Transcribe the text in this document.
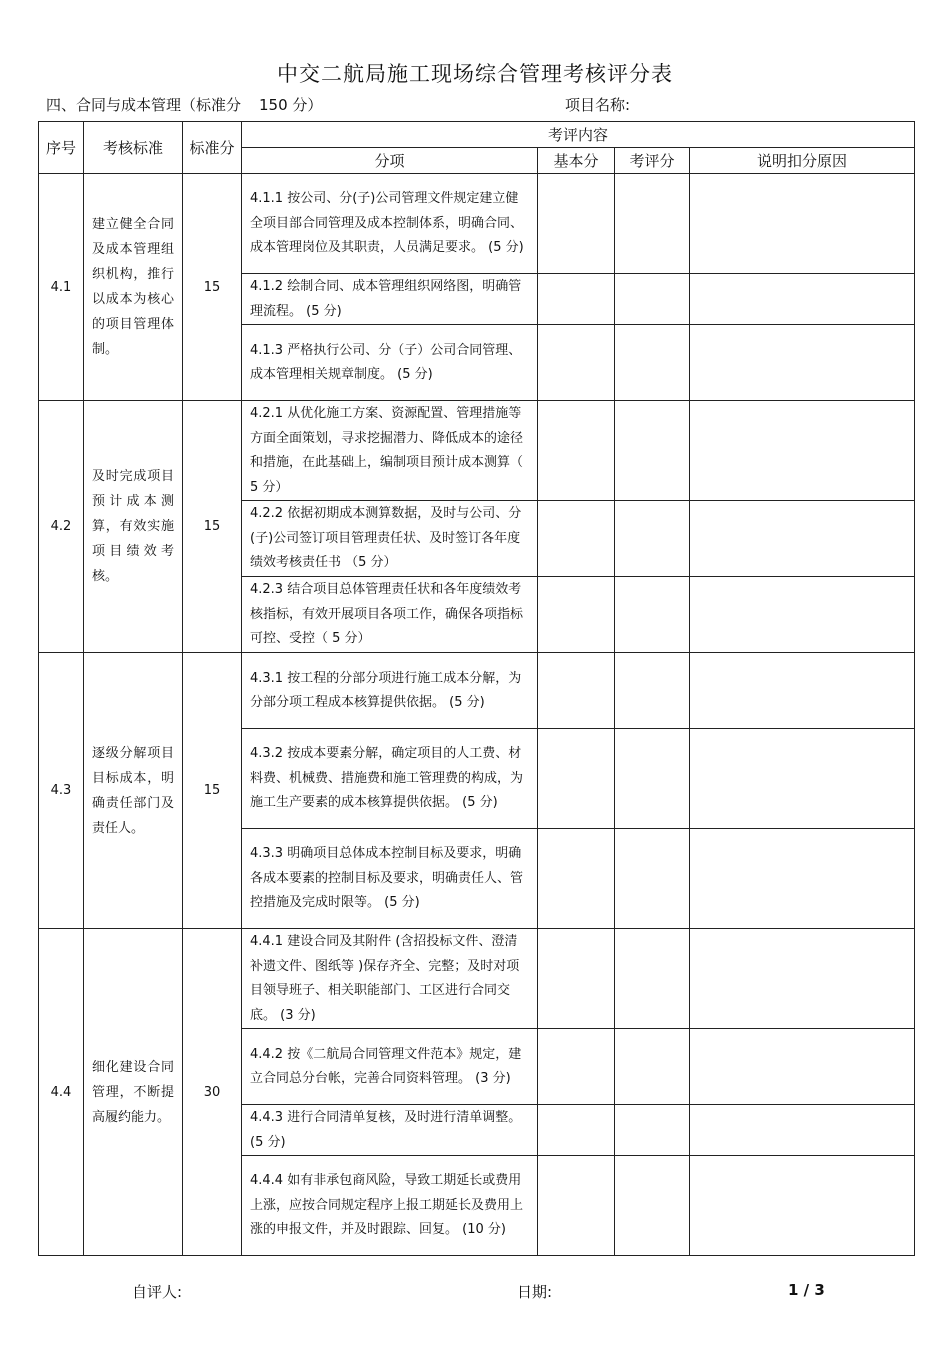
中交二航局施工现场综合管理考核评分表
四、合同与成本管理（标准分 150 分）	项目名称:
序号	考核标准	标准分	考评内容			
			分项	基本分	考评分	说明扣分原因
4.1	建立健全合同及成本管理组织机构，推行以成本为核心的项目管理体制。	15	4.1.1 按公司、分(子)公司管理文件规定建立健全项目部合同管理及成本控制体系，明确合同、成本管理岗位及其职责，人员满足要求。 (5 分)			
			4.1.2 绘制合同、成本管理组织网络图，明确管理流程。 (5 分)			
			4.1.3 严格执行公司、分（子）公司合同管理、成本管理相关规章制度。 (5 分)			
4.2	及时完成项目预计成本测算，有效实施项目绩效考核。	15	4.2.1 从优化施工方案、资源配置、管理措施等方面全面策划，寻求挖掘潜力、降低成本的途径和措施，在此基础上，编制项目预计成本测算（ 5 分）			
			4.2.2 依据初期成本测算数据，及时与公司、分(子)公司签订项目管理责任状、及时签订各年度绩效考核责任书 （5 分）			
			4.2.3 结合项目总体管理责任状和各年度绩效考核指标，有效开展项目各项工作，确保各项指标可控、受控（ 5 分）			
4.3	逐级分解项目目标成本，明确责任部门及责任人。	15	4.3.1 按工程的分部分项进行施工成本分解，为分部分项工程成本核算提供依据。 (5 分)			
			4.3.2 按成本要素分解，确定项目的人工费、材料费、机械费、措施费和施工管理费的构成，为施工生产要素的成本核算提供依据。 (5 分)			
			4.3.3 明确项目总体成本控制目标及要求，明确各成本要素的控制目标及要求，明确责任人、管控措施及完成时限等。 (5 分)			
4.4	细化建设合同管理，不断提高履约能力。	30	4.4.1 建设合同及其附件 (含招投标文件、澄清补遗文件、图纸等 )保存齐全、完整；及时对项目领导班子、相关职能部门、工区进行合同交底。 (3 分)			
			4.4.2 按《二航局合同管理文件范本》规定，建立合同总分台帐，完善合同资料管理。 (3 分)			
			4.4.3 进行合同清单复核，及时进行清单调整。 (5 分)			
			4.4.4 如有非承包商风险，导致工期延长或费用上涨，应按合同规定程序上报工期延长及费用上涨的申报文件，并及时跟踪、回复。 (10 分)			
自评人:	日期:	1 / 3
